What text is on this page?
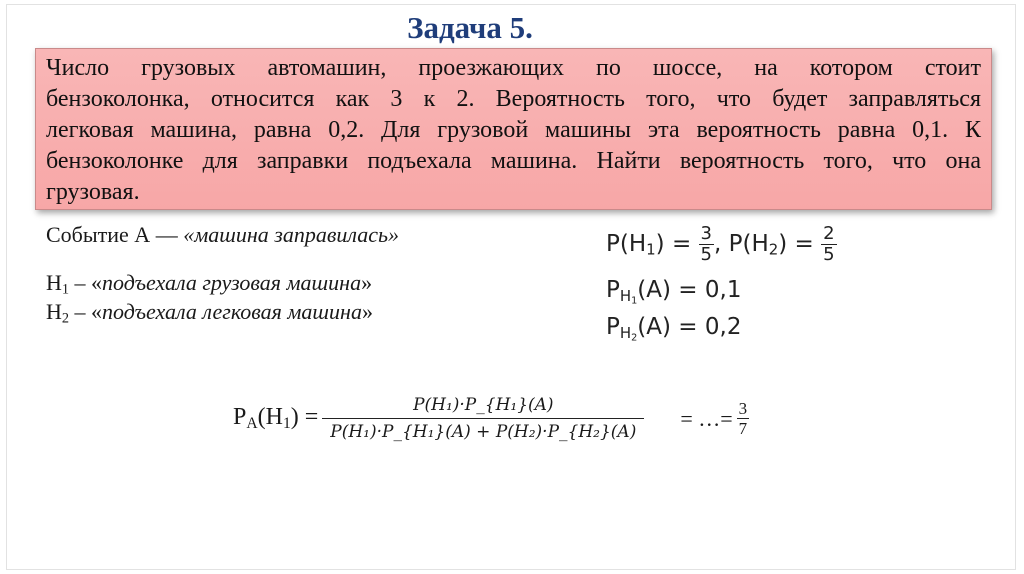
Задача 5.
Число грузовых автомашин, проезжающих по шоссе, на котором стоит
бензоколонка, относится как 3 к 2. Вероятность того, что будет заправляться
легковая машина, равна 0,2. Для грузовой машины эта вероятность равна 0,1. К
бензоколонке для заправки подъехала машина. Найти вероятность того, что она
грузовая.
Событие А — «машина заправилась»
$H_1$ – «подъехала грузовая машина»
$H_2$ – «подъехала легковая машина»
$P(H_1) = \frac{3}{5}$ , $P(H_2) = \frac{2}{5}$
$P_{H_1}(A) = 0,1$
$P_{H_2}(A) = 0,2$
$P_A(H_1) = \frac{\text{P(H₁)·P\_\{H₁\}(A)}}{\text{P(H₁)·P\_\{H₁\}(A) + P(H₂)·P\_\{H₂\}(A)}}$ = …= $\frac{3}{7}$
